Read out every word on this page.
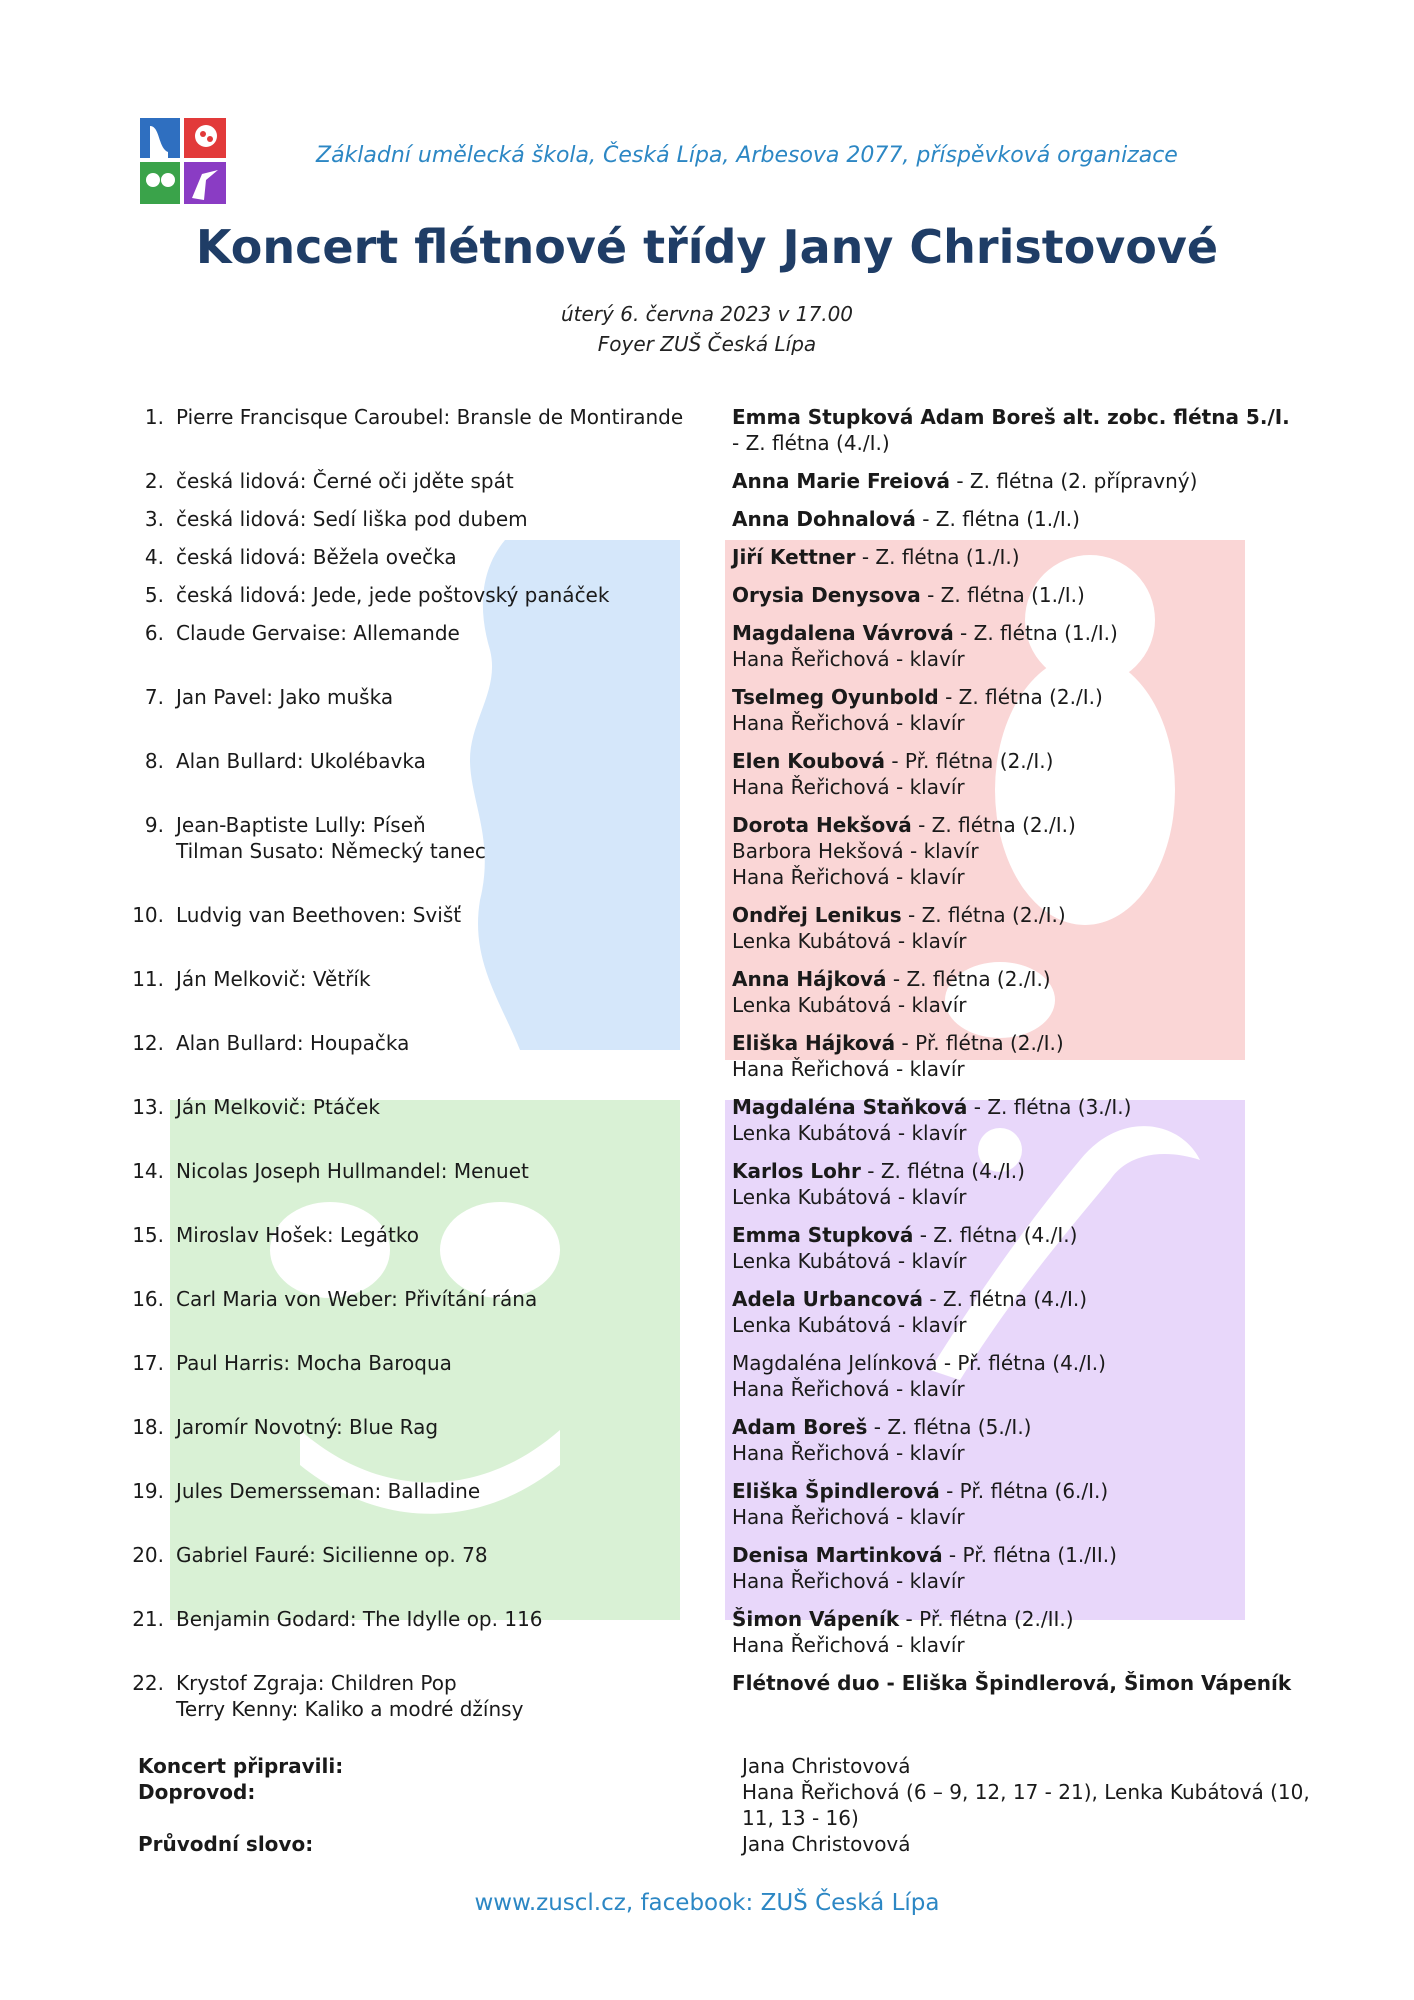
Základní umělecká škola, Česká Lípa, Arbesova 2077, příspěvková organizace

Koncert flétnové třídy Jany Christovové
úterý 6. června 2023 v 17.00
Foyer ZUŠ Česká Lípa
1. Pierre Francisque Caroubel: Bransle de Montirande	Emma Stupková Adam Boreš alt. zobc. flétna 5./I. - Z. flétna (4./I.)
2. česká lidová: Černé oči jděte spát	Anna Marie Freiová - Z. flétna (2. přípravný)
3. česká lidová: Sedí liška pod dubem	Anna Dohnalová - Z. flétna (1./I.)
4. česká lidová: Běžela ovečka	Jiří Kettner - Z. flétna (1./I.)
5. česká lidová: Jede, jede poštovský panáček	Orysia Denysova - Z. flétna (1./I.)
6. Claude Gervaise: Allemande	Magdalena Vávrová - Z. flétna (1./I.)
Hana Řeřichová - klavír
7. Jan Pavel: Jako muška	Tselmeg Oyunbold - Z. flétna (2./I.)
Hana Řeřichová - klavír
8. Alan Bullard: Ukolébavka	Elen Koubová - Př. flétna (2./I.)
Hana Řeřichová - klavír
9. Jean-Baptiste Lully: Píseň
Tilman Susato: Německý tanec
Dorota Hekšová - Z. flétna (2./I.)
Barbora Hekšová - klavír
Hana Řeřichová - klavír
10. Ludvig van Beethoven: Svišť	Ondřej Lenikus - Z. flétna (2./I.)
Lenka Kubátová - klavír
11. Ján Melkovič: Větřík	Anna Hájková - Z. flétna (2./I.)
Lenka Kubátová - klavír
12. Alan Bullard: Houpačka	Eliška Hájková - Př. flétna (2./I.)
Hana Řeřichová - klavír
13. Ján Melkovič: Ptáček	Magdaléna Staňková - Z. flétna (3./I.)
Lenka Kubátová - klavír
14. Nicolas Joseph Hullmandel: Menuet	Karlos Lohr - Z. flétna (4./I.)
Lenka Kubátová - klavír
15. Miroslav Hošek: Legátko	Emma Stupková - Z. flétna (4./I.)
Lenka Kubátová - klavír
16. Carl Maria von Weber: Přivítání rána	Adela Urbancová - Z. flétna (4./I.)
Lenka Kubátová - klavír
17. Paul Harris: Mocha Baroqua	Magdaléna Jelínková - Př. flétna (4./I.)
Hana Řeřichová - klavír
18. Jaromír Novotný: Blue Rag	Adam Boreš - Z. flétna (5./I.)
Hana Řeřichová - klavír
19. Jules Demersseman: Balladine	Eliška Špindlerová - Př. flétna (6./I.)
Hana Řeřichová - klavír
20. Gabriel Fauré: Sicilienne op. 78	Denisa Martinková - Př. flétna (1./II.)
Hana Řeřichová - klavír
21. Benjamin Godard: The Idylle op. 116	Šimon Vápeník - Př. flétna (2./II.)
Hana Řeřichová - klavír
22. Krystof Zgraja: Children Pop
Terry Kenny: Kaliko a modré džínsy
Flétnové duo - Eliška Špindlerová, Šimon Vápeník
Koncert připravili:	Jana Christovová
Doprovod:	Hana Řeřichová (6 – 9, 12, 17 - 21), Lenka Kubátová (10, 11, 13 - 16)
Průvodní slovo:	Jana Christovová
www.zuscl.cz, facebook: ZUŠ Česká Lípa
